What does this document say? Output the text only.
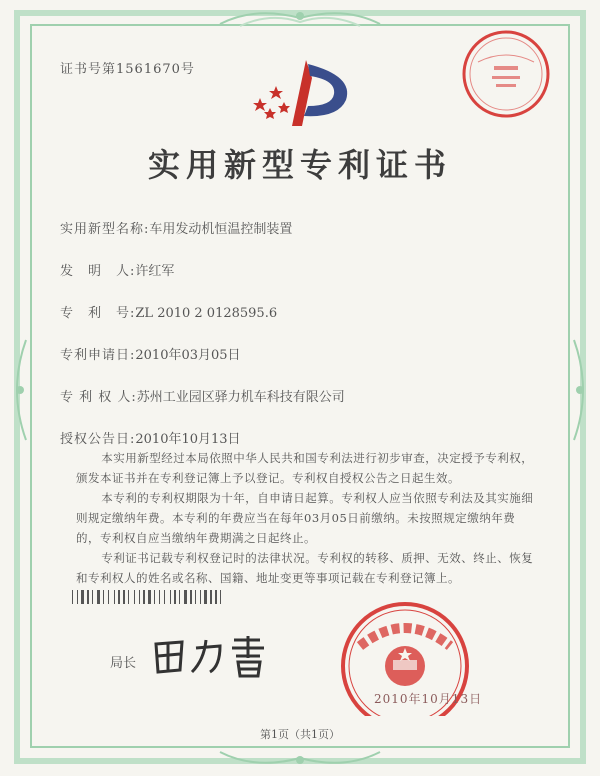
证书号第1561670号
实用新型专利证书
实用新型名称:车用发动机恒温控制装置
发　明　人:许红军
专　利　号:ZL 2010 2 0128595.6
专利申请日:2010年03月05日
专 利 权 人:苏州工业园区驿力机车科技有限公司
授权公告日:2010年10月13日
本实用新型经过本局依照中华人民共和国专利法进行初步审查，决定授予专利权，颁发本证书并在专利登记簿上予以登记。专利权自授权公告之日起生效。
本专利的专利权期限为十年，自申请日起算。专利权人应当依照专利法及其实施细则规定缴纳年费。本专利的年费应当在每年03月05日前缴纳。未按照规定缴纳年费的，专利权自应当缴纳年费期满之日起终止。
专利证书记载专利权登记时的法律状况。专利权的转移、质押、无效、终止、恢复和专利权人的姓名或名称、国籍、地址变更等事项记载在专利登记簿上。
局长
2010年10月13日
第1页（共1页）
